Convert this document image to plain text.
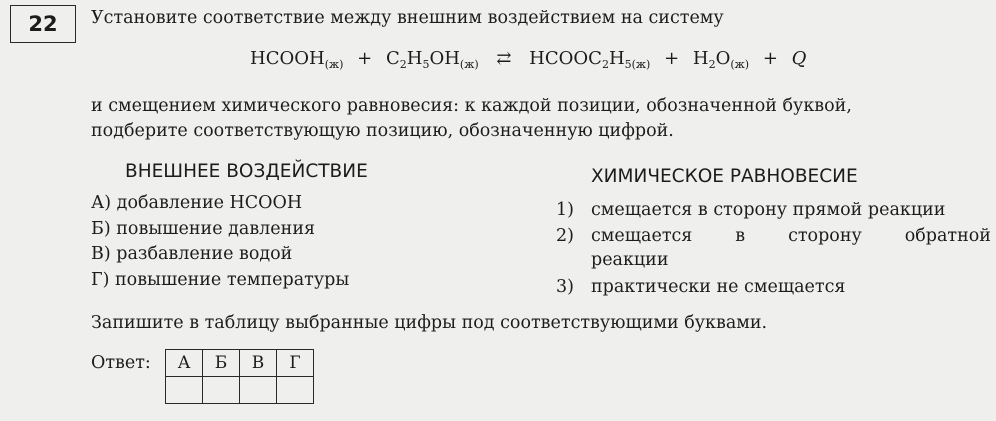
22	Установите соответствие между внешним воздействием на систему
$HCOOH_{(ж)} + C_2H_5OH_{(ж)}$ ⇄ $HCOOC_2H_{5(ж)} + H_2O_{(ж)} + Q$
и смещением химического равновесия: к каждой позиции, обозначенной буквой,
подберите соответствующую позицию, обозначенную цифрой.
ВНЕШНЕЕ ВОЗДЕЙСТВИЕ	ХИМИЧЕСКОЕ РАВНОВЕСИЕ
А) добавление HCOOH
Б) повышение давления
В) разбавление водой
Г) повышение температуры
1) смещается в сторону прямой реакции
2) смещается в сторону обратной
реакции
3) практически не смещается
Запишите в таблицу выбранные цифры под соответствующими буквами.
Ответ: А	Б	В	Г
